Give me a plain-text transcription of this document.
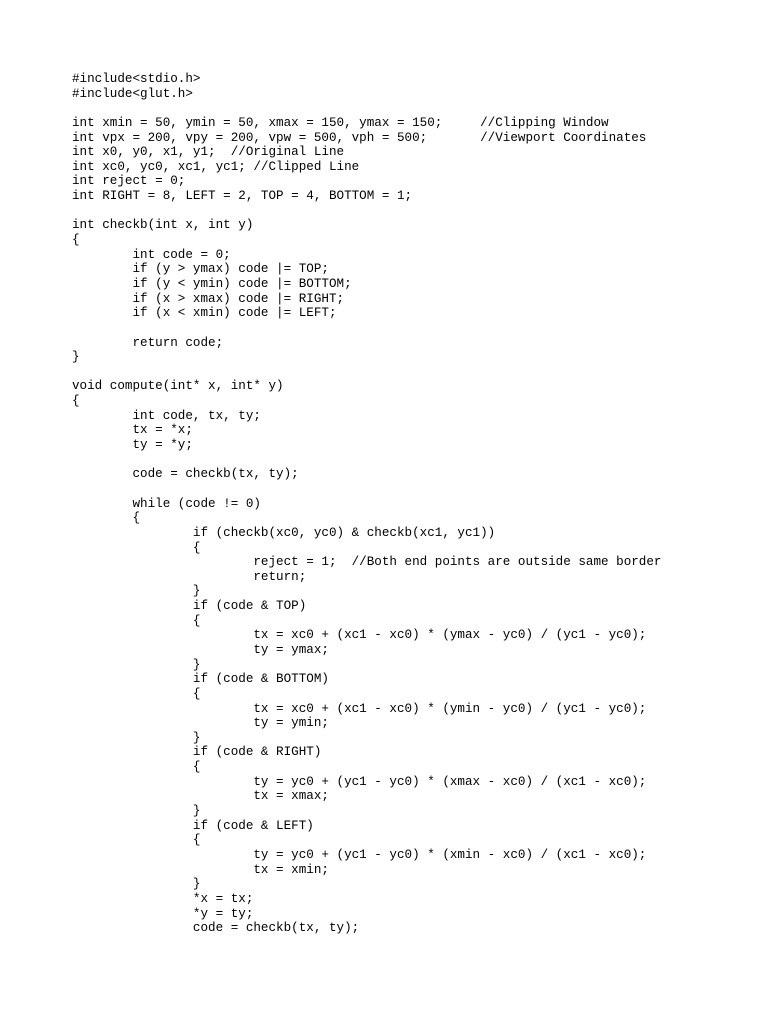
#include<stdio.h>
#include<glut.h>
int xmin = 50, ymin = 50, xmax = 150, ymax = 150;     //Clipping Window
int vpx = 200, vpy = 200, vpw = 500, vph = 500;       //Viewport Coordinates
int x0, y0, x1, y1;  //Original Line
int xc0, yc0, xc1, yc1; //Clipped Line
int reject = 0;
int RIGHT = 8, LEFT = 2, TOP = 4, BOTTOM = 1;
int checkb(int x, int y)
{
int code = 0;
if (y > ymax) code |= TOP;
if (y < ymin) code |= BOTTOM;
if (x > xmax) code |= RIGHT;
if (x < xmin) code |= LEFT;
return code;
}
void compute(int* x, int* y)
{
int code, tx, ty;
tx = *x;
ty = *y;
code = checkb(tx, ty);
while (code != 0)
{
if (checkb(xc0, yc0) & checkb(xc1, yc1))
{
reject = 1;  //Both end points are outside same border
return;
}
if (code & TOP)
{
tx = xc0 + (xc1 - xc0) * (ymax - yc0) / (yc1 - yc0);
ty = ymax;
}
if (code & BOTTOM)
{
tx = xc0 + (xc1 - xc0) * (ymin - yc0) / (yc1 - yc0);
ty = ymin;
}
if (code & RIGHT)
{
ty = yc0 + (yc1 - yc0) * (xmax - xc0) / (xc1 - xc0);
tx = xmax;
}
if (code & LEFT)
{
ty = yc0 + (yc1 - yc0) * (xmin - xc0) / (xc1 - xc0);
tx = xmin;
}
*x = tx;
*y = ty;
code = checkb(tx, ty);
